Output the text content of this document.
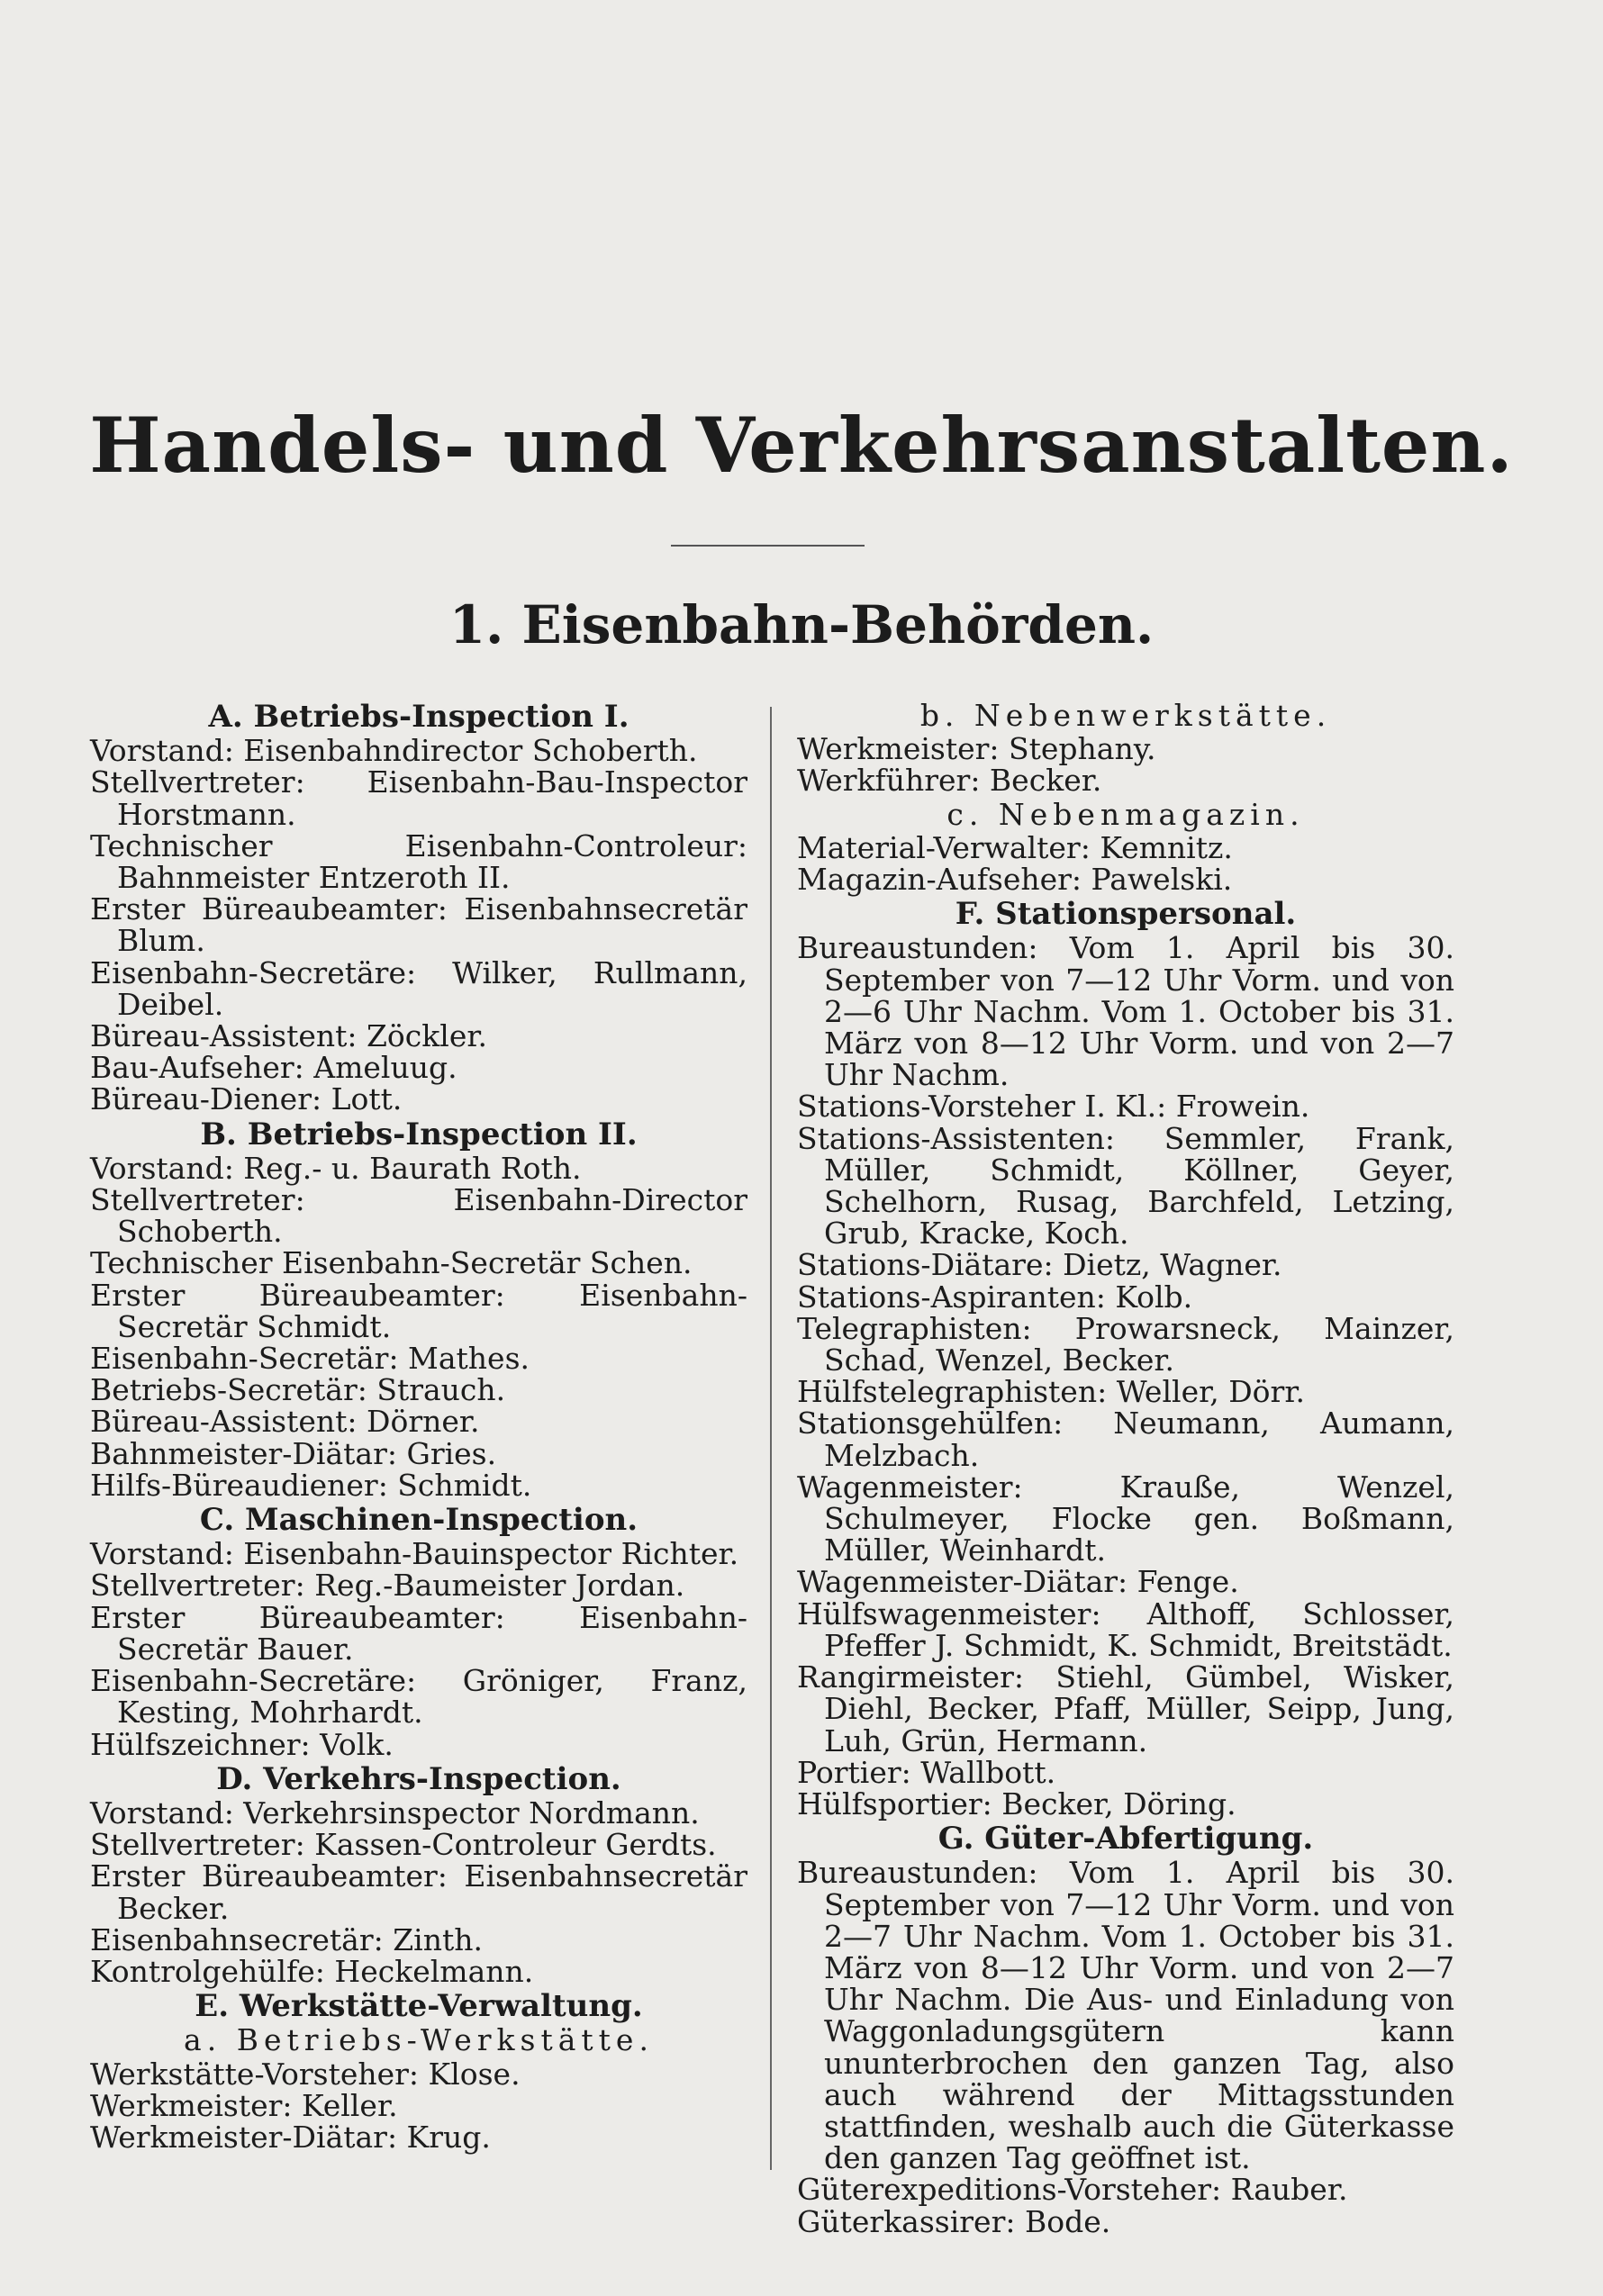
Handels- und Verkehrsanstalten.
1. Eisenbahn-Behörden.
A. Betriebs-Inspection I.

Vorstand: Eisenbahndirector Schoberth.

Stellvertreter: Eisenbahn-Bau-Inspector Horstmann.

Technischer Eisenbahn-Controleur: Bahnmeister Entzeroth II.

Erster Büreaubeamter: Eisenbahnsecretär Blum.

Eisenbahn-Secretäre: Wilker, Rullmann, Deibel.

Büreau-Assistent: Zöckler.

Bau-Aufseher: Ameluug.

Büreau-Diener: Lott.

B. Betriebs-Inspection II.

Vorstand: Reg.- u. Baurath Roth.

Stellvertreter: Eisenbahn-Director Schoberth.

Technischer Eisenbahn-Secretär Schen.

Erster Büreaubeamter: Eisenbahn-Secretär Schmidt.

Eisenbahn-Secretär: Mathes.

Betriebs-Secretär: Strauch.

Büreau-Assistent: Dörner.

Bahnmeister-Diätar: Gries.

Hilfs-Büreaudiener: Schmidt.

C. Maschinen-Inspection.

Vorstand: Eisenbahn-Bauinspector Richter.

Stellvertreter: Reg.-Baumeister Jordan.

Erster Büreaubeamter: Eisenbahn-Secretär Bauer.

Eisenbahn-Secretäre: Gröniger, Franz, Kesting, Mohrhardt.

Hülfszeichner: Volk.

D. Verkehrs-Inspection.

Vorstand: Verkehrsinspector Nordmann.

Stellvertreter: Kassen-Controleur Gerdts.

Erster Büreaubeamter: Eisenbahnsecretär Becker.

Eisenbahnsecretär: Zinth.

Kontrolgehülfe: Heckelmann.

E. Werkstätte-Verwaltung.
a. Betriebs-Werkstätte.

Werkstätte-Vorsteher: Klose.

Werkmeister: Keller.

Werkmeister-Diätar: Krug.

b. Nebenwerkstätte.

Werkmeister: Stephany.

Werkführer: Becker.

c. Nebenmagazin.

Material-Verwalter: Kemnitz.

Magazin-Aufseher: Pawelski.

F. Stationspersonal.

Bureaustunden: Vom 1. April bis 30. September von 7—12 Uhr Vorm. und von 2—6 Uhr Nachm. Vom 1. October bis 31. März von 8—12 Uhr Vorm. und von 2—7 Uhr Nachm.

Stations-Vorsteher I. Kl.: Frowein.

Stations-Assistenten: Semmler, Frank, Müller, Schmidt, Köllner, Geyer, Schelhorn, Rusag, Barchfeld, Letzing, Grub, Kracke, Koch.

Stations-Diätare: Dietz, Wagner.

Stations-Aspiranten: Kolb.

Telegraphisten: Prowarsneck, Mainzer, Schad, Wenzel, Becker.

Hülfstelegraphisten: Weller, Dörr.

Stationsgehülfen: Neumann, Aumann, Melzbach.

Wagenmeister: Krauße, Wenzel, Schulmeyer, Flocke gen. Boßmann, Müller, Weinhardt.

Wagenmeister-Diätar: Fenge.

Hülfswagenmeister: Althoff, Schlosser, Pfeffer J. Schmidt, K. Schmidt, Breitstädt.

Rangirmeister: Stiehl, Gümbel, Wisker, Diehl, Becker, Pfaff, Müller, Seipp, Jung, Luh, Grün, Hermann.

Portier: Wallbott.

Hülfsportier: Becker, Döring.

G. Güter-Abfertigung.

Bureaustunden: Vom 1. April bis 30. September von 7—12 Uhr Vorm. und von 2—7 Uhr Nachm. Vom 1. October bis 31. März von 8—12 Uhr Vorm. und von 2—7 Uhr Nachm. Die Aus- und Einladung von Waggonladungsgütern kann ununterbrochen den ganzen Tag, also auch während der Mittagsstunden stattfinden, weshalb auch die Güterkasse den ganzen Tag geöffnet ist.

Güterexpeditions-Vorsteher: Rauber.

Güterkassirer: Bode.
